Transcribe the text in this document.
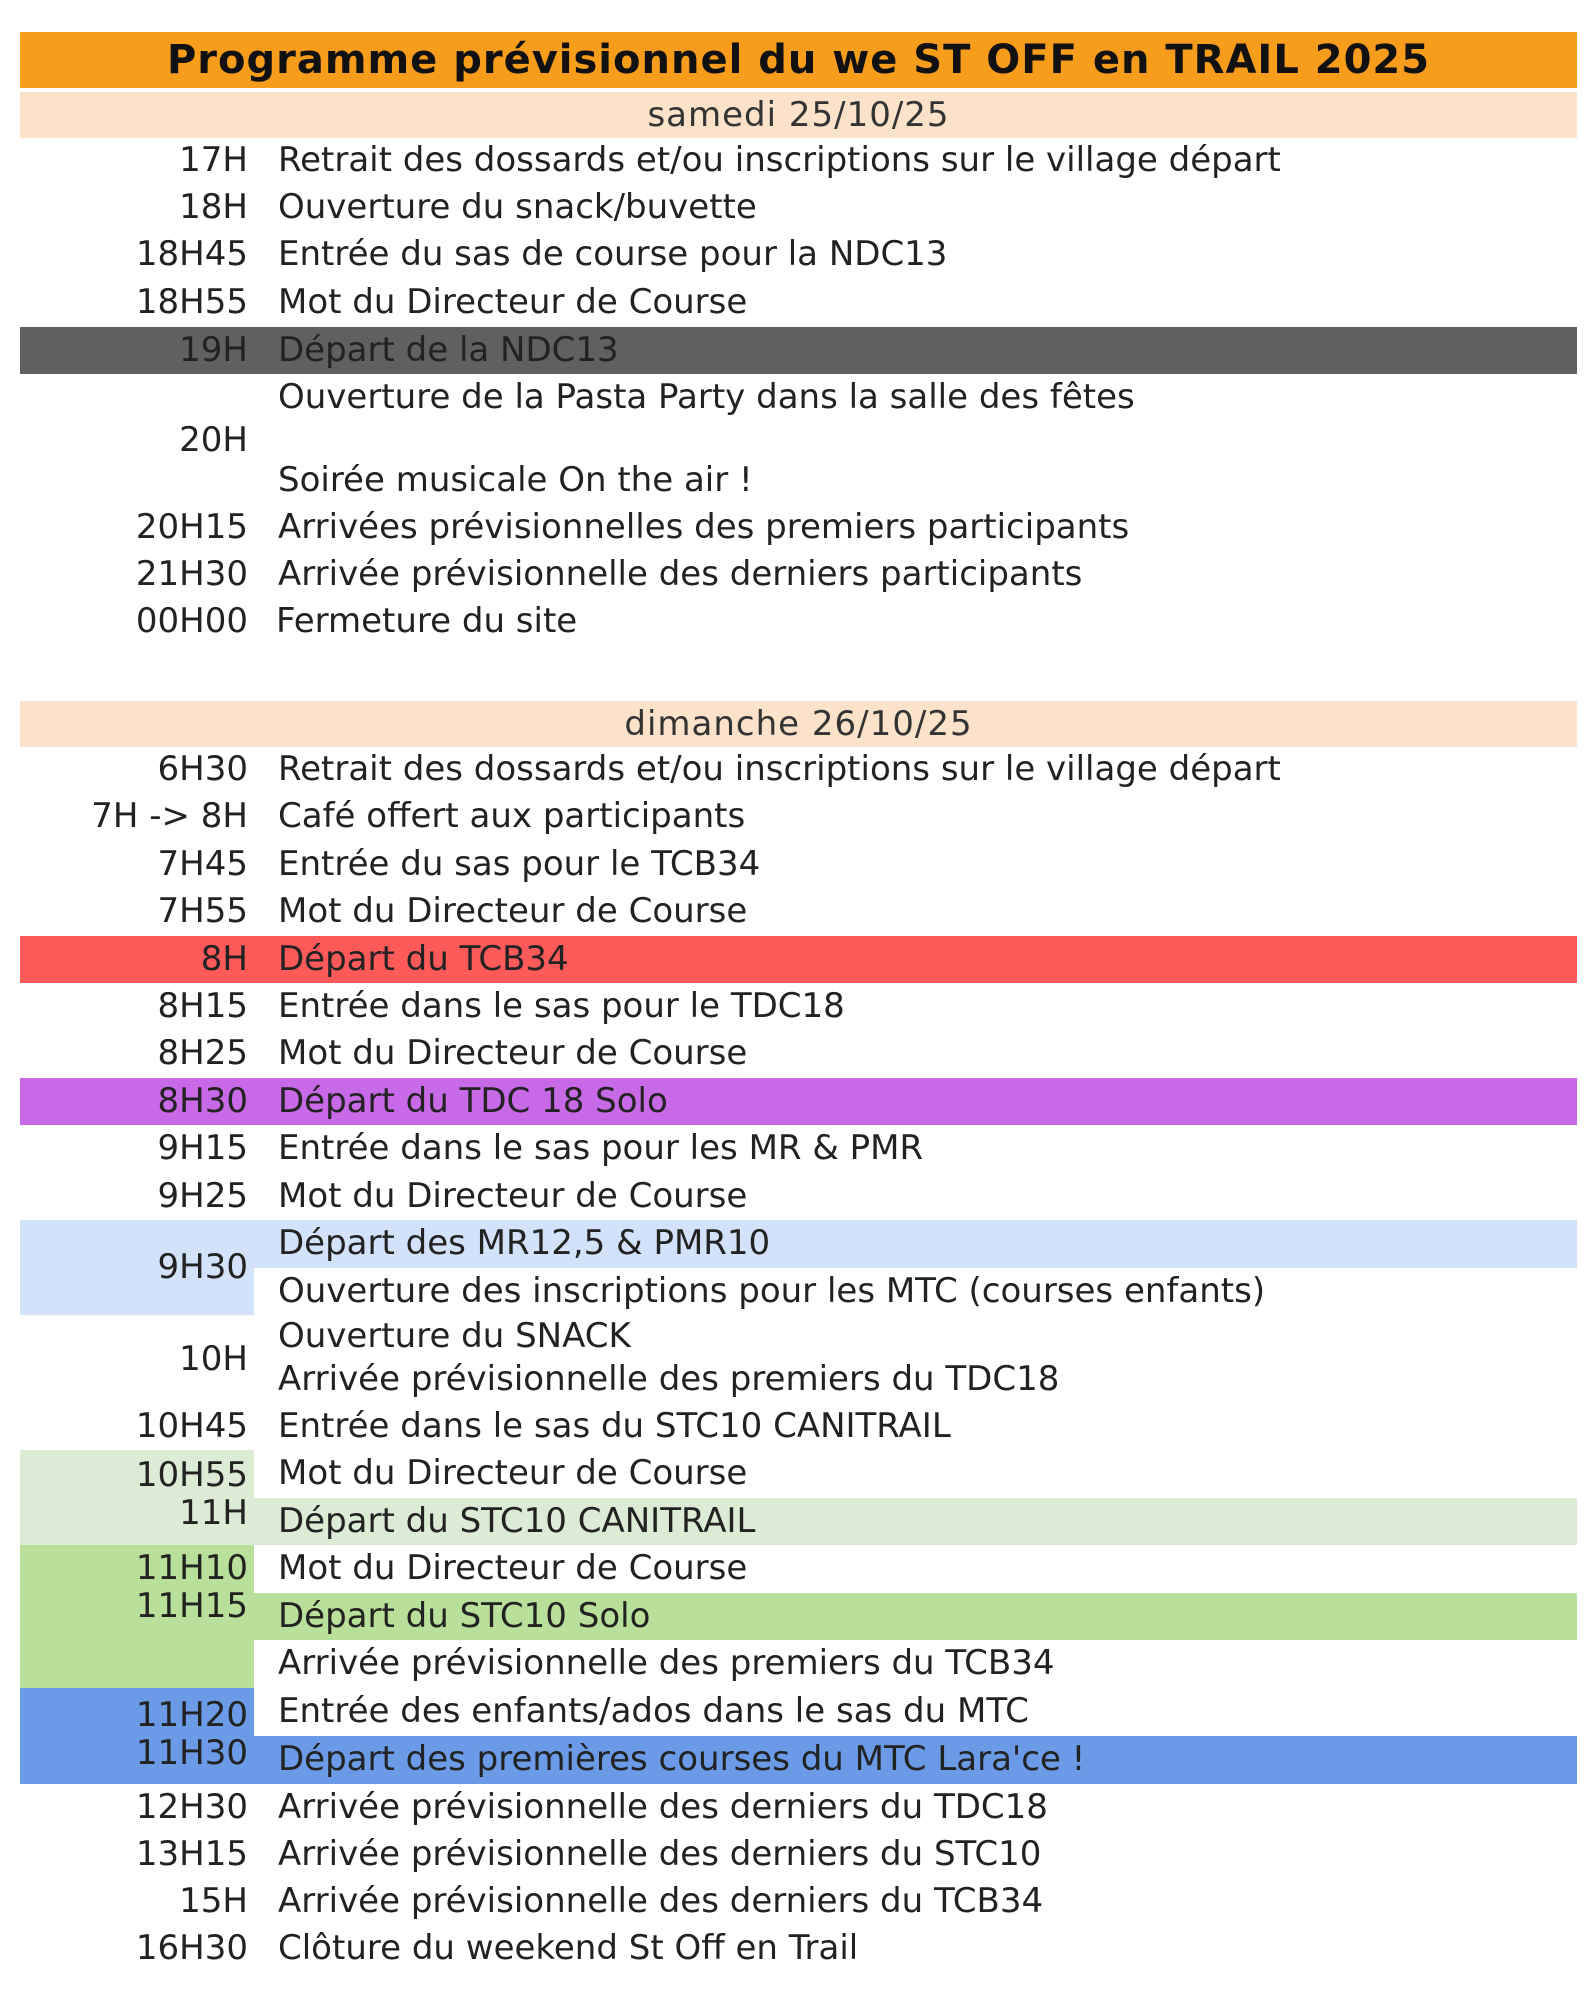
Programme prévisionnel du we ST OFF en TRAIL 2025
samedi 25/10/25
17H Retrait des dossards et/ou inscriptions sur le village départ
18H Ouverture du snack/buvette
18H45 Entrée du sas de course pour la NDC13
18H55 Mot du Directeur de Course
19H Départ de la NDC13
20H
Ouverture de la Pasta Party dans la salle des fêtes
Soirée musicale On the air !
20H15 Arrivées prévisionnelles des premiers participants
21H30 Arrivée prévisionnelle des derniers participants
00H00 Fermeture du site
dimanche 26/10/25
6H30 Retrait des dossards et/ou inscriptions sur le village départ
7H -> 8H Café offert aux participants
7H45 Entrée du sas pour le TCB34
7H55 Mot du Directeur de Course
8H Départ du TCB34
8H15 Entrée dans le sas pour le TDC18
8H25 Mot du Directeur de Course
8H30 Départ du TDC 18 Solo
9H15 Entrée dans le sas pour les MR & PMR
9H25 Mot du Directeur de Course
9H30
Départ des MR12,5 & PMR10
Ouverture des inscriptions pour les MTC (courses enfants)
10H
Ouverture du SNACK
Arrivée prévisionnelle des premiers du TDC18
10H45 Entrée dans le sas du STC10 CANITRAIL
10H55 Mot du Directeur de Course
11H Départ du STC10 CANITRAIL
11H10 Mot du Directeur de Course
11H15 Départ du STC10 Solo
Arrivée prévisionnelle des premiers du TCB34
11H20 Entrée des enfants/ados dans le sas du MTC
11H30 Départ des premières courses du MTC Lara'ce !
12H30 Arrivée prévisionnelle des derniers du TDC18
13H15 Arrivée prévisionnelle des derniers du STC10
15H Arrivée prévisionnelle des derniers du TCB34
16H30 Clôture du weekend St Off en Trail
